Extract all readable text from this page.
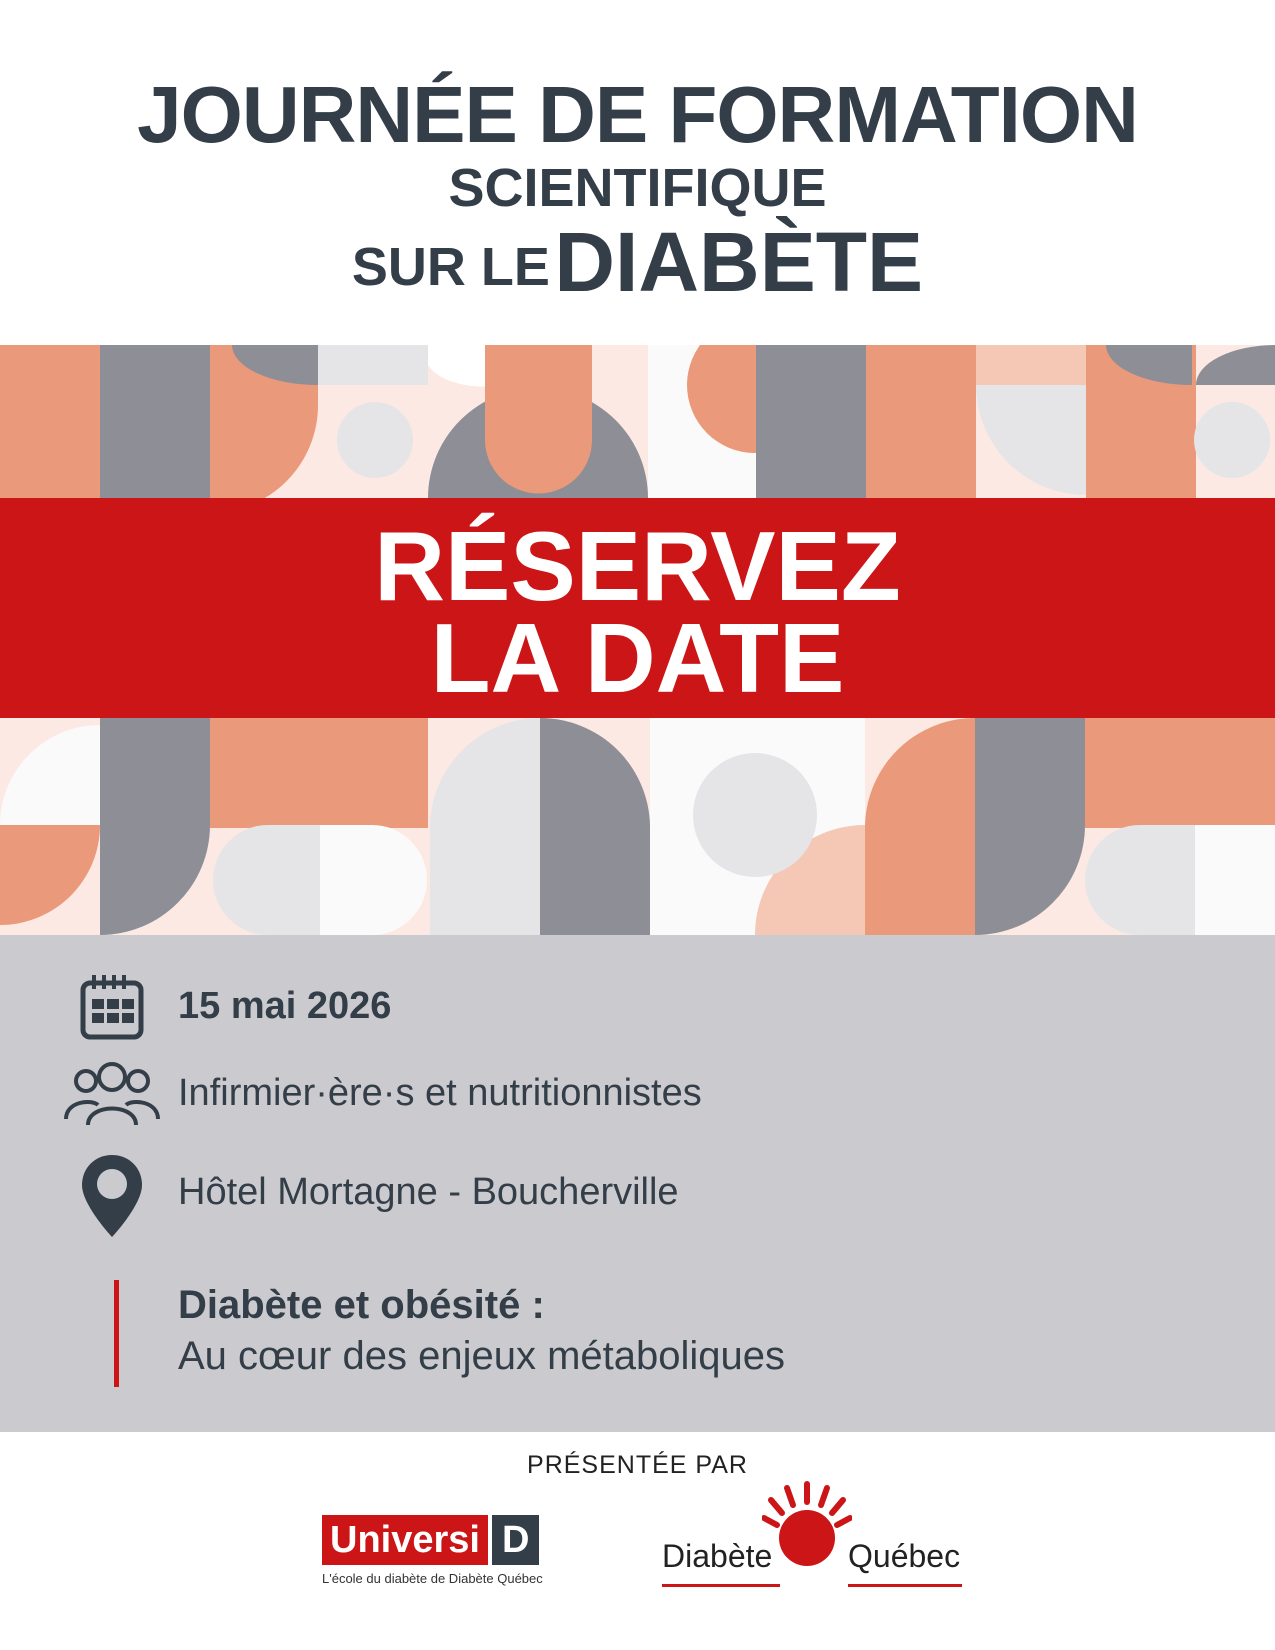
JOURNÉE DE FORMATION
SCIENTIFIQUE
SUR LE DIABÈTE
RÉSERVEZ
LA DATE
15 mai 2026
Infirmier·ère·s et nutritionnistes
Hôtel Mortagne - Boucherville
Diabète et obésité :
Au cœur des enjeux métaboliques
PRÉSENTÉE PAR
Universi D
L'école du diabète de Diabète Québec
Diabète Québec
